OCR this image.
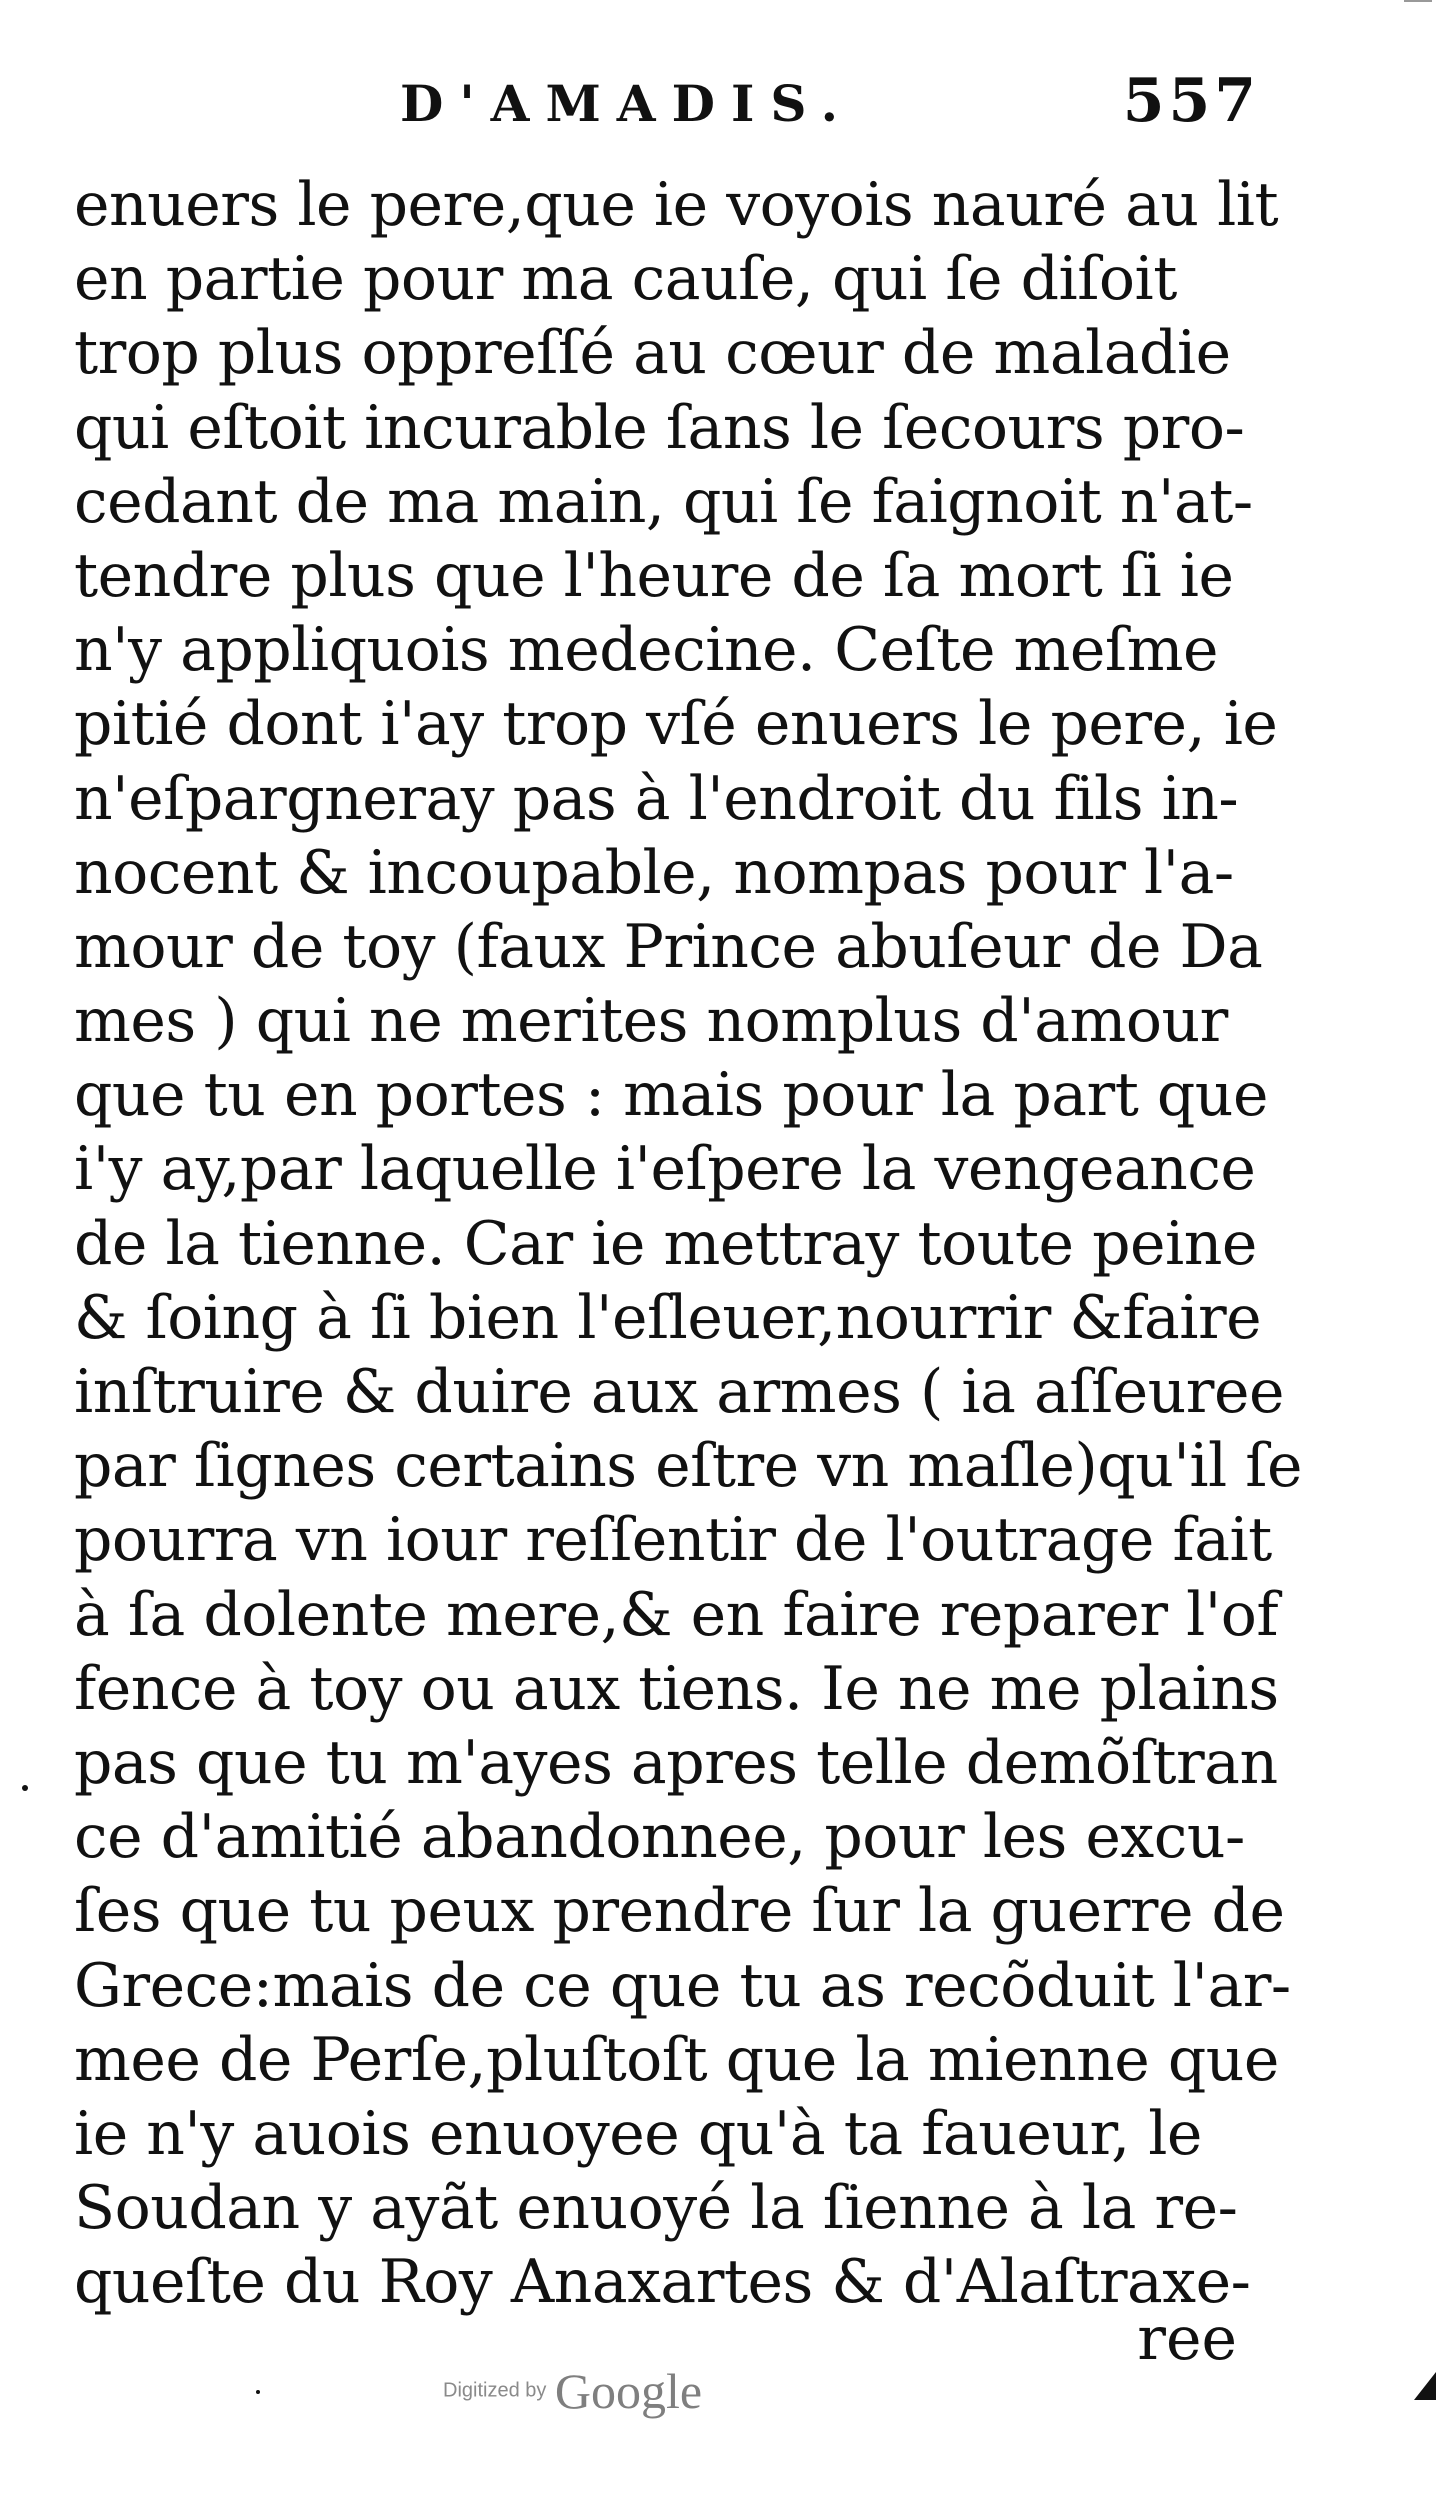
D'AMADIS.	557
enuers le pere,que ie voyois nauré au lit
en partie pour ma cauſe, qui ſe diſoit
trop plus oppreſſé au cœur de maladie
qui eſtoit incurable ſans le ſecours pro-
cedant de ma main, qui ſe faignoit n'at-
tendre plus que l'heure de ſa mort ſi ie
n'y appliquois medecine. Ceſte meſme
pitié dont i'ay trop vſé enuers le pere, ie
n'eſpargneray pas à l'endroit du fils in-
nocent & incoupable, nompas pour l'a-
mour de toy (faux Prince abuſeur de Da
mes ) qui ne merites nomplus d'amour
que tu en portes : mais pour la part que
i'y ay,par laquelle i'eſpere la vengeance
de la tienne. Car ie mettray toute peine
& ſoing à ſi bien l'eſleuer,nourrir &faire
inſtruire & duire aux armes ( ia aſſeuree
par ſignes certains eſtre vn maſle)qu'il ſe
pourra vn iour reſſentir de l'outrage fait
à ſa dolente mere,& en faire reparer l'of
fence à toy ou aux tiens. Ie ne me plains
pas que tu m'ayes apres telle demõſtran
ce d'amitié abandonnee, pour les excu-
ſes que tu peux prendre ſur la guerre de
Grece:mais de ce que tu as recõduit l'ar-
mee de Perſe,pluſtoſt que la mienne que
ie n'y auois enuoyee qu'à ta faueur, le
Soudan y ayãt enuoyé la ſienne à la re-
queſte du Roy Anaxartes & d'Alaſtraxe-
ree
Digitized by Google
